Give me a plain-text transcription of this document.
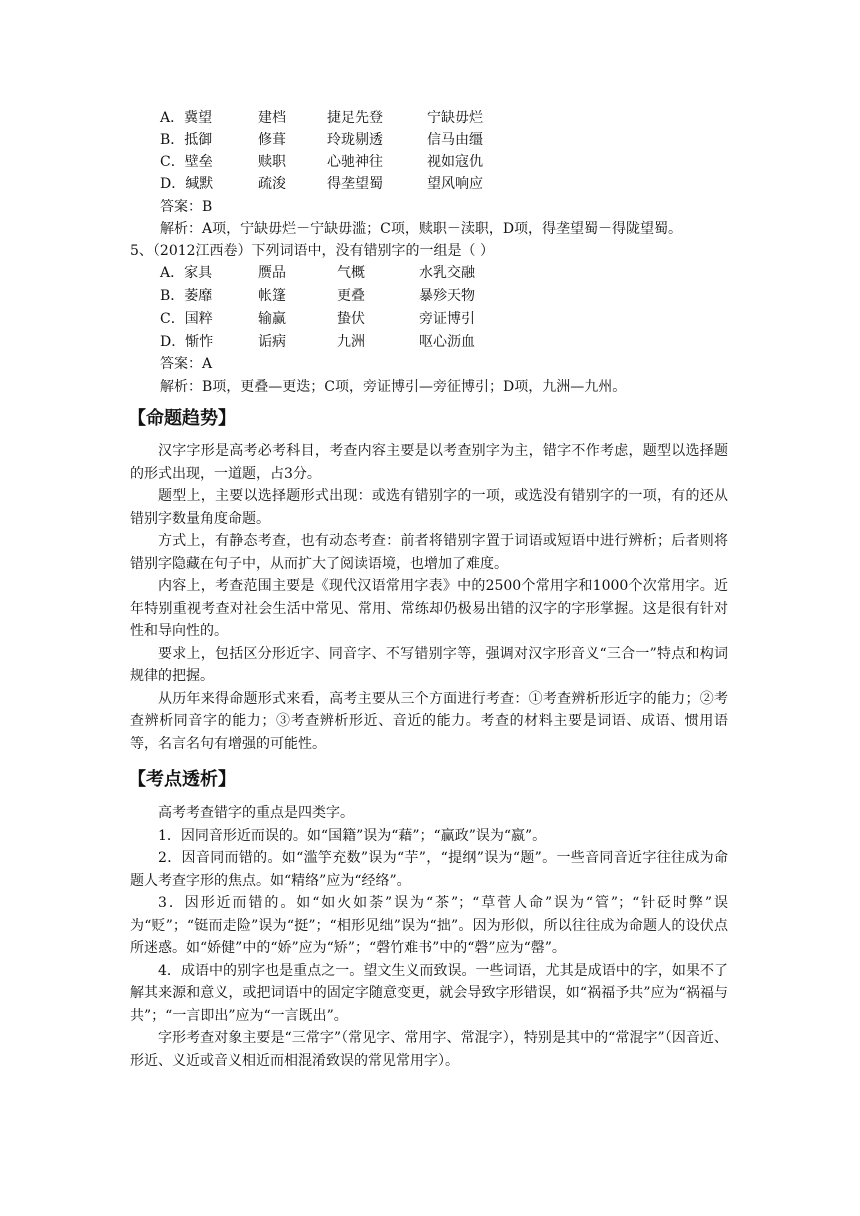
A．冀望	建档	捷足先登	宁缺毋烂
B．抵御	修葺	玲珑剔透	信马由缰
C．壁垒	赎职	心驰神往	视如寇仇
D．缄默	疏浚	得垄望蜀	望风响应
答案：B
解析：A项，宁缺毋烂－宁缺毋滥；C项，赎职－渎职，D项，得垄望蜀－得陇望蜀。
5、（2012江西卷）下列词语中，没有错别字的一组是（ ）
A．家具	赝品	气概	水乳交融
B．萎靡	帐篷	更叠	暴殄天物
C．国粹	输赢	蛰伏	旁证博引
D．惭怍	诟病	九洲	呕心沥血
答案：A
解析：B项，更叠—更迭；C项，旁证博引—旁征博引；D项，九洲—九州。
【命题趋势】

汉字字形是高考必考科目，考查内容主要是以考查别字为主，错字不作考虑，题型以选择题的形式出现，一道题，占3分。

题型上，主要以选择题形式出现：或选有错别字的一项，或选没有错别字的一项，有的还从错别字数量角度命题。

方式上，有静态考查，也有动态考查：前者将错别字置于词语或短语中进行辨析；后者则将错别字隐藏在句子中，从而扩大了阅读语境，也增加了难度。

内容上，考查范围主要是《现代汉语常用字表》中的2500个常用字和1000个次常用字。近年特别重视考查对社会生活中常见、常用、常练却仍极易出错的汉字的字形掌握。这是很有针对性和导向性的。

要求上，包括区分形近字、同音字、不写错别字等，强调对汉字形音义“三合一”特点和构词规律的把握。

从历年来得命题形式来看，高考主要从三个方面进行考查：①考查辨析形近字的能力；②考查辨析同音字的能力；③考查辨析形近、音近的能力。考查的材料主要是词语、成语、惯用语等，名言名句有增强的可能性。

【考点透析】

高考考查错字的重点是四类字。

1．因同音形近而误的。如“国籍”误为“藉”；“赢政”误为“嬴”。

2．因音同而错的。如“滥竽充数”误为“芋”，“提纲”误为“题”。一些音同音近字往往成为命题人考查字形的焦点。如“精络”应为“经络”。

3．因形近而错的。如“如火如荼”误为“茶”；“草菅人命”误为“管”；“针砭时弊”误为“贬”；“铤而走险”误为“挺”；“相形见绌”误为“拙”。因为形似，所以往往成为命题人的设伏点所迷惑。如“娇健”中的“娇”应为“矫”；“磬竹难书”中的“磬”应为“罄”。

4．成语中的别字也是重点之一。望文生义而致误。一些词语，尤其是成语中的字，如果不了解其来源和意义，或把词语中的固定字随意变更，就会导致字形错误，如“祸福予共”应为“祸福与共”；“一言即出”应为“一言既出”。

字形考查对象主要是“三常字”（常见字、常用字、常混字），特别是其中的“常混字”（因音近、形近、义近或音义相近而相混淆致误的常见常用字）。
